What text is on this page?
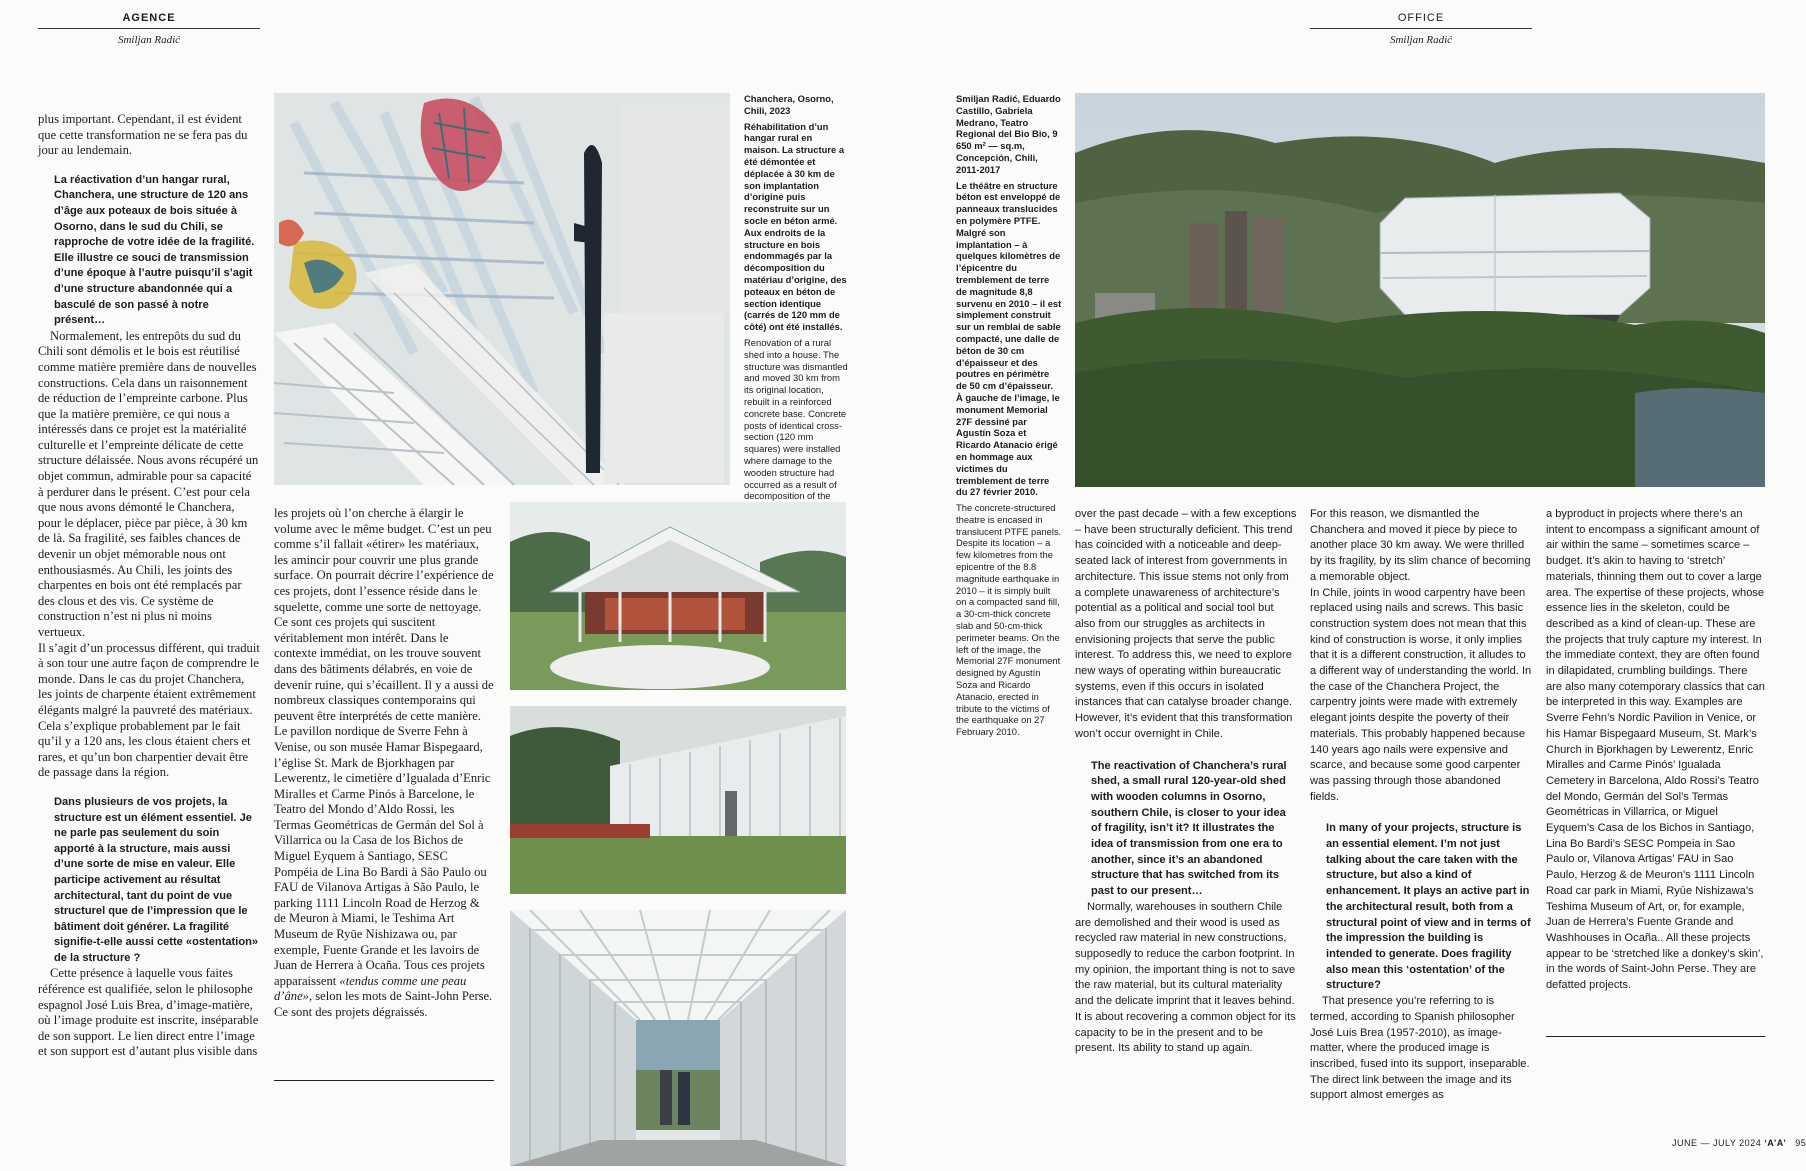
AGENCE
Smiljan Radić

plus important. Cependant, il est évident que cette transformation ne se fera pas du jour au lendemain.

La réactivation d’un hangar rural, Chanchera, une structure de 120 ans d’âge aux poteaux de bois située à Osorno, dans le sud du Chili, se rapproche de votre idée de la fragilité. Elle illustre ce souci de transmission d’une époque à l’autre puisqu’il s’agit d’une structure abandonnée qui a basculé de son passé à notre présent…

Normalement, les entrepôts du sud du Chili sont démolis et le bois est réutilisé comme matière première dans de nouvelles constructions. Cela dans un raisonnement de réduction de l’empreinte carbone. Plus que la matière première, ce qui nous a intéressés dans ce projet est la matérialité culturelle et l’empreinte délicate de cette structure délaissée. Nous avons récupéré un objet commun, admirable pour sa capacité à perdurer dans le présent. C’est pour cela que nous avons démonté le Chanchera, pour le déplacer, pièce par pièce, à 30 km de là. Sa fragilité, ses faibles chances de devenir un objet mémorable nous ont enthousiasmés. Au Chili, les joints des charpentes en bois ont été remplacés par des clous et des vis. Ce système de construction n’est ni plus ni moins vertueux.

Il s’agit d’un processus différent, qui traduit à son tour une autre façon de comprendre le monde. Dans le cas du projet Chanchera, les joints de charpente étaient extrêmement élégants malgré la pauvreté des matériaux. Cela s’explique probablement par le fait qu’il y a 120 ans, les clous étaient chers et rares, et qu’un bon charpentier devait être de passage dans la région.

Dans plusieurs de vos projets, la structure est un élément essentiel. Je ne parle pas seulement du soin apporté à la structure, mais aussi d’une sorte de mise en valeur. Elle participe activement au résultat architectural, tant du point de vue structurel que de l’impression que le bâtiment doit générer. La fragilité signifie-t-elle aussi cette «ostentation» de la structure ?

Cette présence à laquelle vous faites référence est qualifiée, selon le philosophe espagnol José Luis Brea, d’image-matière, où l’image produite est inscrite, inséparable de son support. Le lien direct entre l’image et son support est d’autant plus visible dans

Chanchera, Osorno, Chili, 2023

Réhabilitation d’un hangar rural en maison. La structure a été démontée et déplacée à 30 km de son implantation d’origine puis reconstruite sur un socle en béton armé. Aux endroits de la structure en bois endommagés par la décomposition du matériau d’origine, des poteaux en béton de section identique (carrés de 120 mm de côté) ont été installés.

Renovation of a rural shed into a house. The structure was dismantled and moved 30 km from its original location, rebuilt in a reinforced concrete base. Concrete posts of identical cross-section (120 mm squares) were installed where damage to the wooden structure had occurred as a result of decomposition of the

les projets où l’on cherche à élargir le volume avec le même budget. C’est un peu comme s’il fallait «étirer» les matériaux, les amincir pour couvrir une plus grande surface. On pourrait décrire l’expérience de ces projets, dont l’essence réside dans le squelette, comme une sorte de nettoyage. Ce sont ces projets qui suscitent véritablement mon intérêt. Dans le contexte immédiat, on les trouve souvent dans des bâtiments délabrés, en voie de devenir ruine, qui s’écaillent. Il y a aussi de nombreux classiques contemporains qui peuvent être interprétés de cette manière. Le pavillon nordique de Sverre Fehn à Venise, ou son musée Hamar Bispegaard, l’église St. Mark de Bjorkhagen par Lewerentz, le cimetière d’Igualada d’Enric Miralles et Carme Pinós à Barcelone, le Teatro del Mondo d’Aldo Rossi, les Termas Geométricas de Germán del Sol à Villarrica ou la Casa de los Bichos de Miguel Eyquem à Santiago, SESC Pompéia de Lina Bo Bardi à São Paulo ou FAU de Vilanova Artigas à São Paulo, le parking 1111 Lincoln Road de Herzog & de Meuron à Miami, le Teshima Art Museum de Ryūe Nishizawa ou, par exemple, Fuente Grande et les lavoirs de Juan de Herrera à Ocaña. Tous ces projets apparaissent «tendus comme une peau d’âne», selon les mots de Saint-John Perse. Ce sont des projets dégraissés.

OFFICE
Smiljan Radić

Smiljan Radić, Eduardo Castillo, Gabriela Medrano, Teatro Regional del Bio Bio, 9 650 m² — sq.m, Concepción, Chili, 2011-2017

Le théâtre en structure béton est enveloppé de panneaux translucides en polymère PTFE. Malgré son implantation – à quelques kilomètres de l’épicentre du tremblement de terre de magnitude 8,8 survenu en 2010 – il est simplement construit sur un remblai de sable compacté, une dalle de béton de 30 cm d’épaisseur et des poutres en périmètre de 50 cm d’épaisseur. À gauche de l’image, le monument Memorial 27F dessiné par Agustín Soza et Ricardo Atanacio érigé en hommage aux victimes du tremblement de terre du 27 février 2010.

The concrete-structured theatre is encased in translucent PTFE panels. Despite its location – a few kilometres from the epicentre of the 8.8 magnitude earthquake in 2010 – it is simply built on a compacted sand fill, a 30-cm-thick concrete slab and 50-cm-thick perimeter beams. On the left of the image, the Memorial 27F monument designed by Agustín Soza and Ricardo Atanacio, erected in tribute to the victims of the earthquake on 27 February 2010.

over the past decade – with a few exceptions – have been structurally deficient. This trend has coincided with a noticeable and deep-seated lack of interest from governments in architecture. This issue stems not only from a complete unawareness of architecture’s potential as a political and social tool but also from our struggles as architects in envisioning projects that serve the public interest. To address this, we need to explore new ways of operating within bureaucratic systems, even if this occurs in isolated instances that can catalyse broader change. However, it’s evident that this transformation won’t occur overnight in Chile.

The reactivation of Chanchera’s rural shed, a small rural 120-year-old shed with wooden columns in Osorno, southern Chile, is closer to your idea of fragility, isn’t it? It illustrates the idea of transmission from one era to another, since it’s an abandoned structure that has switched from its past to our present…

Normally, warehouses in southern Chile are demolished and their wood is used as recycled raw material in new constructions, supposedly to reduce the carbon footprint. In my opinion, the important thing is not to save the raw material, but its cultural materiality and the delicate imprint that it leaves behind. It is about recovering a common object for its capacity to be in the present and to be present. Its ability to stand up again.

For this reason, we dismantled the Chanchera and moved it piece by piece to another place 30 km away. We were thrilled by its fragility, by its slim chance of becoming a memorable object.

In Chile, joints in wood carpentry have been replaced using nails and screws. This basic construction system does not mean that this kind of construction is worse, it only implies that it is a different construction, it alludes to a different way of understanding the world. In the case of the Chanchera Project, the carpentry joints were made with extremely elegant joints despite the poverty of their materials. This probably happened because 140 years ago nails were expensive and scarce, and because some good carpenter was passing through those abandoned fields.

In many of your projects, structure is an essential element. I’m not just talking about the care taken with the structure, but also a kind of enhancement. It plays an active part in the architectural result, both from a structural point of view and in terms of the impression the building is intended to generate. Does fragility also mean this ‘ostentation’ of the structure?

That presence you’re referring to is termed, according to Spanish philosopher José Luis Brea (1957-2010), as image-matter, where the produced image is inscribed, fused into its support, inseparable. The direct link between the image and its support almost emerges as

a byproduct in projects where there’s an intent to encompass a significant amount of air within the same – sometimes scarce – budget. It’s akin to having to ‘stretch’ materials, thinning them out to cover a large area. The expertise of these projects, whose essence lies in the skeleton, could be described as a kind of clean-up. These are the projects that truly capture my interest. In the immediate context, they are often found in dilapidated, crumbling buildings. There are also many cotemporary classics that can be interpreted in this way. Examples are Sverre Fehn’s Nordic Pavilion in Venice, or his Hamar Bispegaard Museum, St. Mark’s Church in Bjorkhagen by Lewerentz, Enric Miralles and Carme Pinós’ Igualada Cemetery in Barcelona, Aldo Rossi’s Teatro del Mondo, Germán del Sol’s Termas Geométricas in Villarrica, or Miguel Eyquem’s Casa de los Bichos in Santiago, Lina Bo Bardi’s SESC Pompeia in Sao Paulo or, Vilanova Artigas’ FAU in Sao Paulo, Herzog & de Meuron’s 1111 Lincoln Road car park in Miami, Ryūe Nishizawa’s Teshima Museum of Art, or, for example, Juan de Herrera’s Fuente Grande and Washhouses in Ocaña.. All these projects appear to be ‘stretched like a donkey’s skin’, in the words of Saint-John Perse. They are defatted projects.

JUNE — JULY 2024 ‘A’A’ 95
